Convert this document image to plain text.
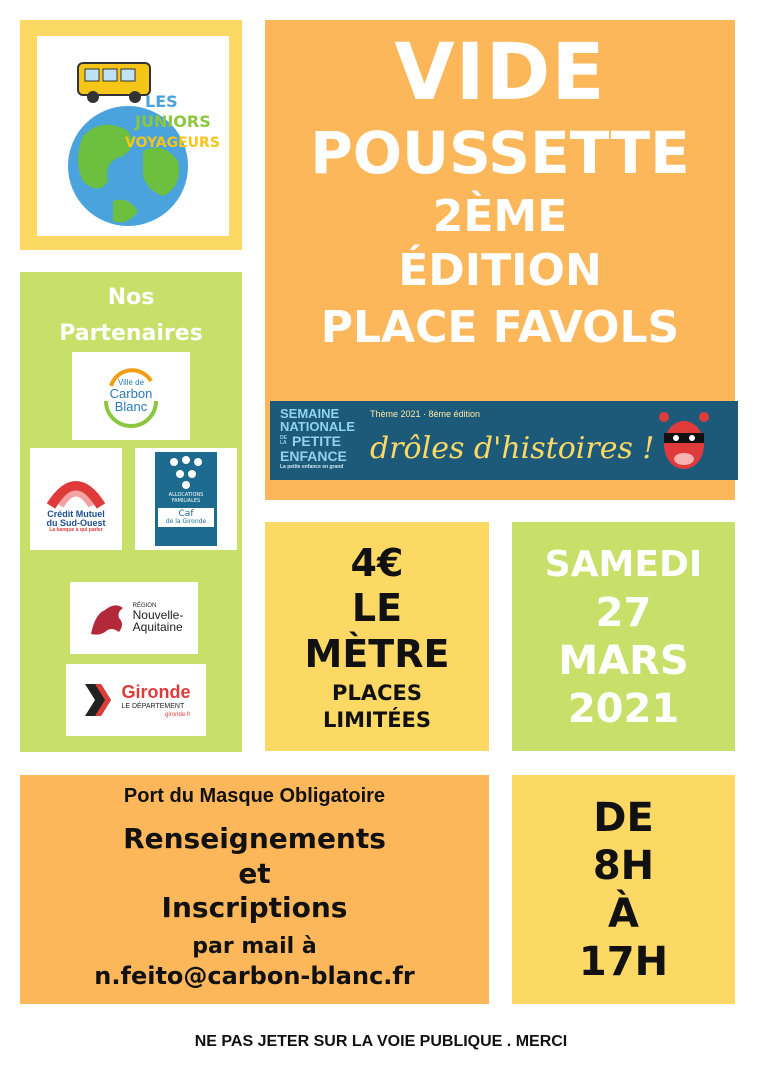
LES
JUNIORS
VOYAGEURS
Nos
Partenaires
Ville de
Carbon
Blanc
Crédit Mutuel
du Sud-Ouest
La banque à qui parler
ALLOCATIONS
FAMILIALES
Caf
de la Gironde
RÉGION
Nouvelle-
Aquitaine
Gironde
LE DÉPARTEMENT
gironde.fr
VIDE
POUSSETTE
2ÈME
ÉDITION
PLACE FAVOLS
SEMAINE
NATIONALE
DE LA PETITE
ENFANCE
La petite enfance en grand
Thème 2021 · 8ème édition
drôles d'histoires !
4€
LE
MÈTRE
PLACES
LIMITÉES
SAMEDI
27
MARS
2021
Port du Masque Obligatoire
Renseignements
et
Inscriptions
par mail à
n.feito@carbon-blanc.fr
DE
8H
À
17H
NE PAS JETER SUR LA VOIE PUBLIQUE . MERCI
